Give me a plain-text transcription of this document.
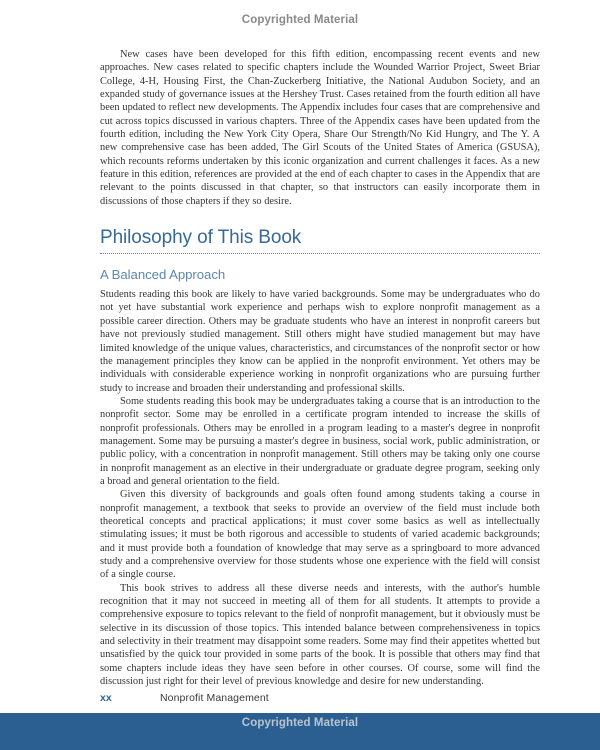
Copyrighted Material

New cases have been developed for this fifth edition, encompassing recent events and new approaches. New cases related to specific chapters include the Wounded Warrior Project, Sweet Briar College, 4-H, Housing First, the Chan-Zuckerberg Initiative, the National Audubon Society, and an expanded study of governance issues at the Hershey Trust. Cases retained from the fourth edition all have been updated to reflect new developments. The Appendix includes four cases that are comprehensive and cut across topics discussed in various chapters. Three of the Appendix cases have been updated from the fourth edition, including the New York City Opera, Share Our Strength/No Kid Hungry, and The Y. A new comprehensive case has been added, The Girl Scouts of the United States of America (GSUSA), which recounts reforms undertaken by this iconic organization and current challenges it faces. As a new feature in this edition, references are provided at the end of each chapter to cases in the Appendix that are relevant to the points discussed in that chapter, so that instructors can easily incorporate them in discussions of those chapters if they so desire.

Philosophy of This Book
A Balanced Approach

Students reading this book are likely to have varied backgrounds. Some may be undergraduates who do not yet have substantial work experience and perhaps wish to explore nonprofit management as a possible career direction. Others may be graduate students who have an interest in nonprofit careers but have not previously studied management. Still others might have studied management but may have limited knowledge of the unique values, characteristics, and circumstances of the nonprofit sector or how the management principles they know can be applied in the nonprofit environment. Yet others may be individuals with considerable experience working in nonprofit organizations who are pursuing further study to increase and broaden their understanding and professional skills.

Some students reading this book may be undergraduates taking a course that is an introduction to the nonprofit sector. Some may be enrolled in a certificate program intended to increase the skills of nonprofit professionals. Others may be enrolled in a program leading to a master's degree in nonprofit management. Some may be pursuing a master's degree in business, social work, public administration, or public policy, with a concentration in nonprofit management. Still others may be taking only one course in nonprofit management as an elective in their undergraduate or graduate degree program, seeking only a broad and general orientation to the field.

Given this diversity of backgrounds and goals often found among students taking a course in nonprofit management, a textbook that seeks to provide an overview of the field must include both theoretical concepts and practical applications; it must cover some basics as well as intellectually stimulating issues; it must be both rigorous and accessible to students of varied academic backgrounds; and it must provide both a foundation of knowledge that may serve as a springboard to more advanced study and a comprehensive overview for those students whose one experience with the field will consist of a single course.

This book strives to address all these diverse needs and interests, with the author's humble recognition that it may not succeed in meeting all of them for all students. It attempts to provide a comprehensive exposure to topics relevant to the field of nonprofit management, but it obviously must be selective in its discussion of those topics. This intended balance between comprehensiveness in topics and selectivity in their treatment may disappoint some readers. Some may find their appetites whetted but unsatisfied by the quick tour provided in some parts of the book. It is possible that others may find that some chapters include ideas they have seen before in other courses. Of course, some will find the discussion just right for their level of previous knowledge and desire for new understanding.

xx	Nonprofit Management
Copyrighted Material
